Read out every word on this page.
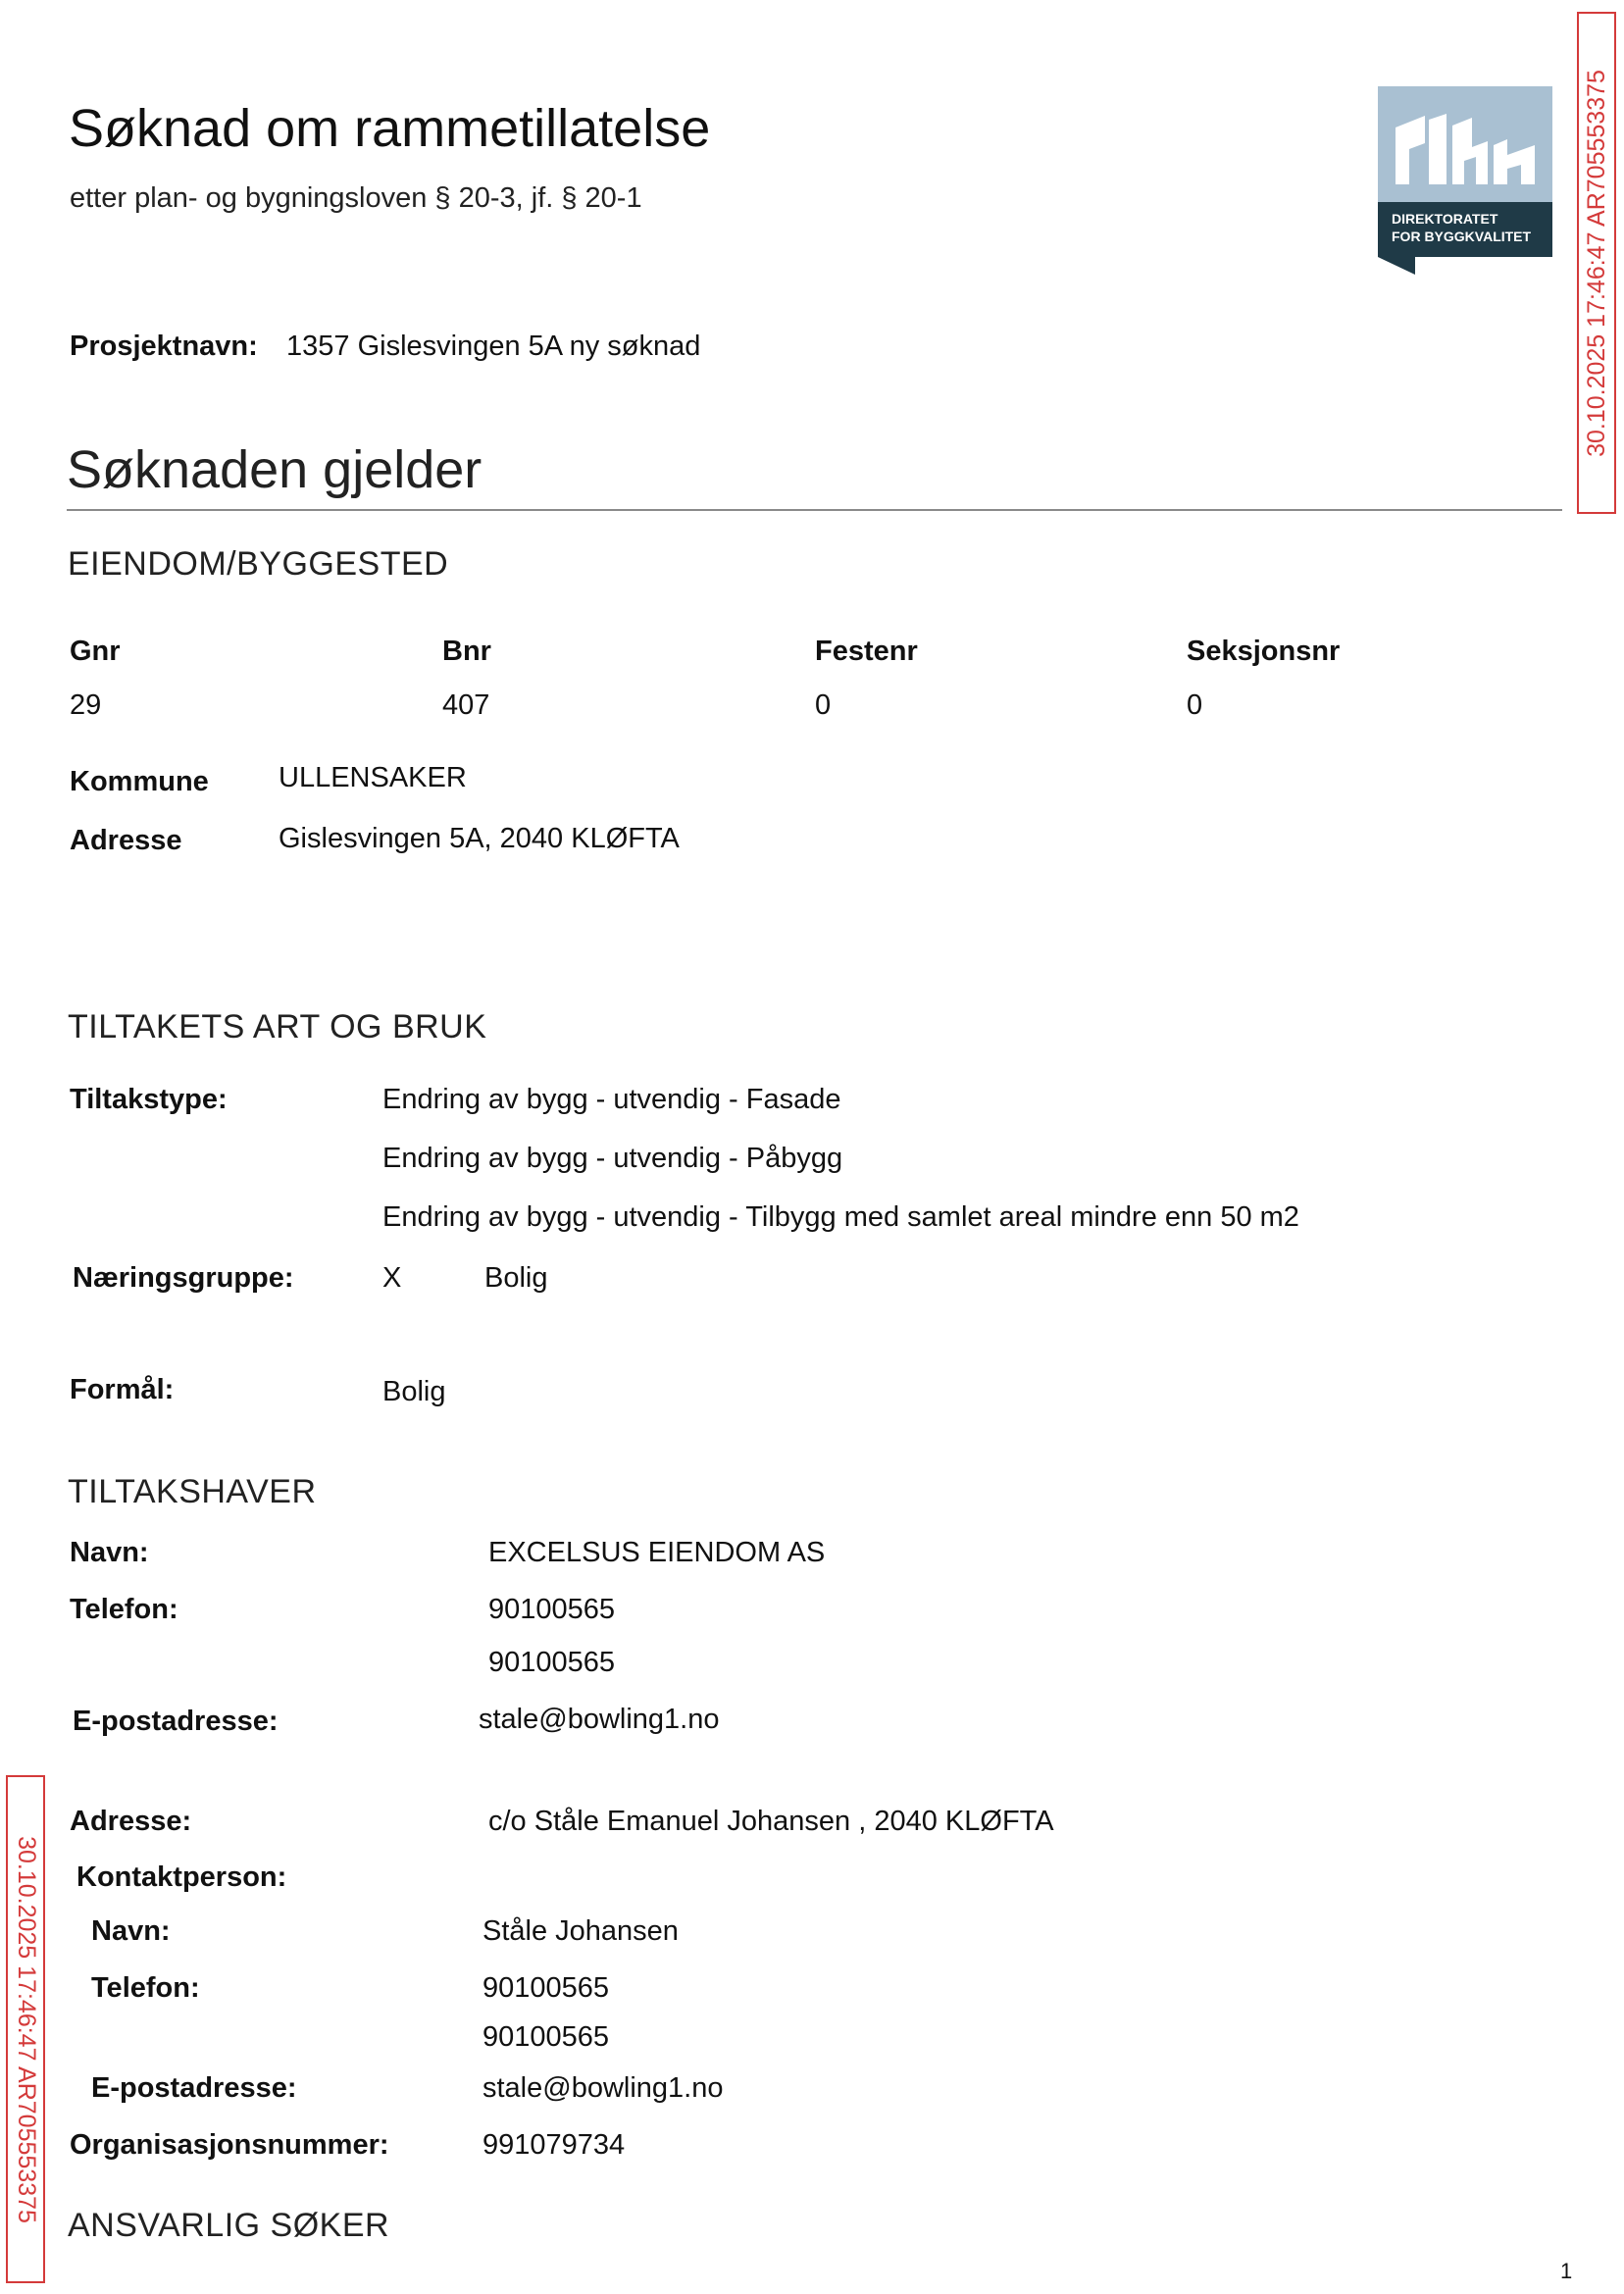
Søknad om rammetillatelse
etter plan- og bygningsloven § 20-3, jf. § 20-1
DIREKTORATET
FOR BYGGKVALITET 30.10.2025 17:46:47 AR705553375
30.10.2025 17:46:47 AR705553375
Prosjektnavn: 1357 Gislesvingen 5A ny søknad
Søknaden gjelder
EIENDOM/BYGGESTED
Gnr	Bnr	Festenr	Seksjonsnr
29	407	0	0
Kommune ULLENSAKER
Adresse	Gislesvingen 5A, 2040 KLØFTA
TILTAKETS ART OG BRUK
Tiltakstype:	Endring av bygg - utvendig - Fasade
Endring av bygg - utvendig - Påbygg
Endring av bygg - utvendig - Tilbygg med samlet areal mindre enn 50 m2
Næringsgruppe:	X	Bolig
Formål:	Bolig
TILTAKSHAVER
Navn:	EXCELSUS EIENDOM AS
Telefon:	90100565
90100565
E-postadresse:	stale@bowling1.no
Adresse:	c/o Ståle Emanuel Johansen , 2040 KLØFTA
Kontaktperson:
Navn:	Ståle Johansen
Telefon:	90100565
90100565
E-postadresse:	stale@bowling1.no
Organisasjonsnummer:	991079734
ANSVARLIG SØKER
1
